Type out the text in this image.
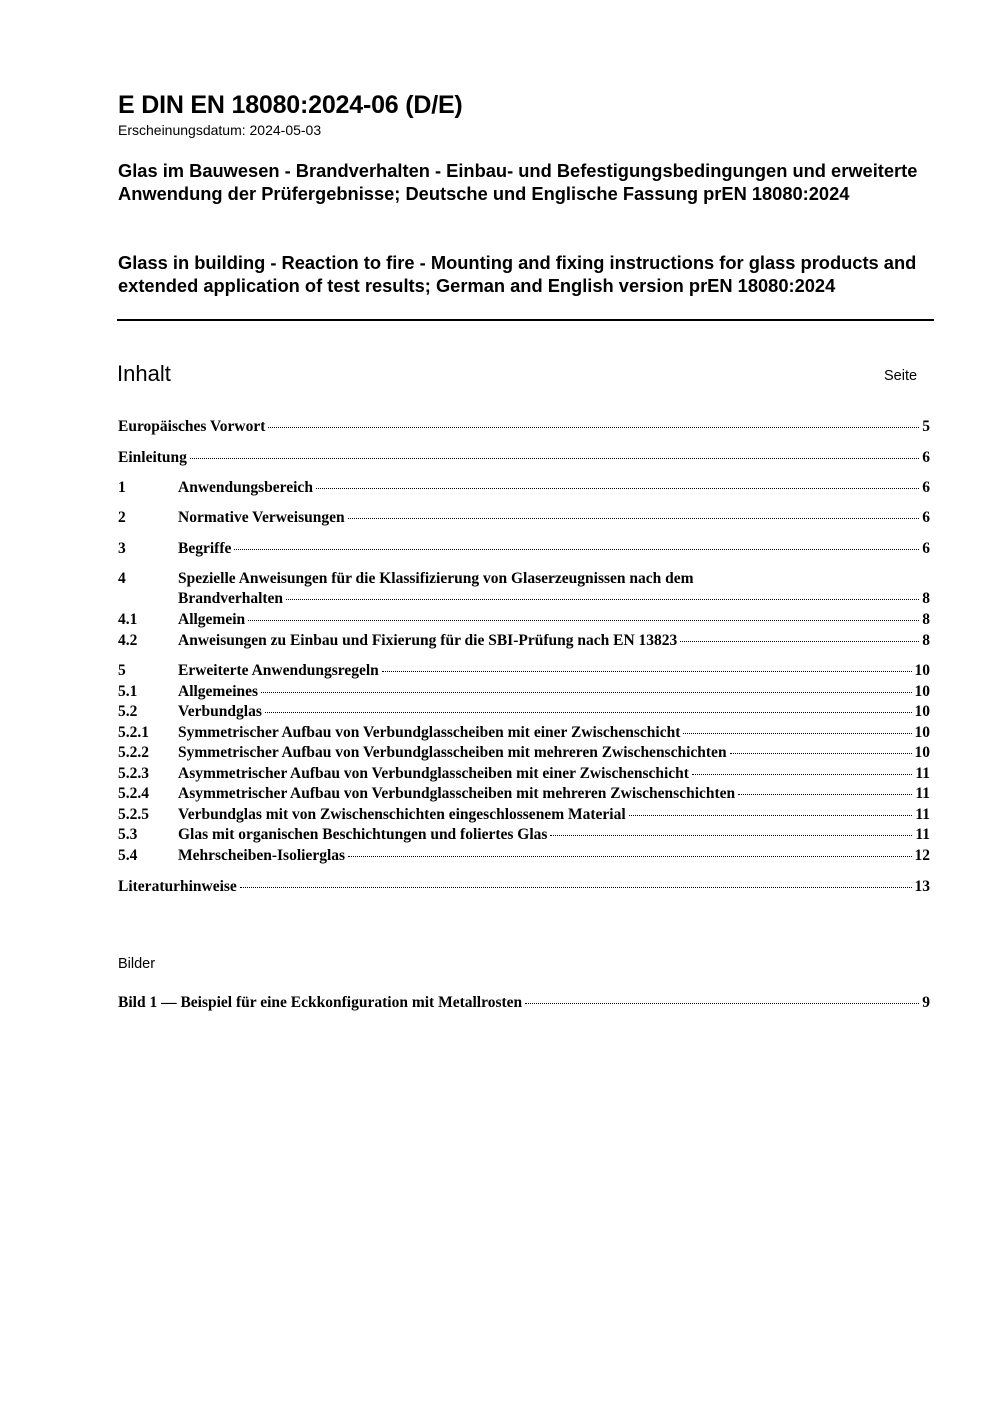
E DIN EN 18080:2024-06 (D/E)
Erscheinungsdatum: 2024-05-03
Glas im Bauwesen - Brandverhalten - Einbau- und Befestigungsbedingungen und erweiterte Anwendung der Prüfergebnisse; Deutsche und Englische Fassung prEN 18080:2024
Glass in building - Reaction to fire - Mounting and fixing instructions for glass products and extended application of test results; German and English version prEN 18080:2024
Inhalt	Seite
Europäisches Vorwort	5
Einleitung	6
1	Anwendungsbereich	6
2	Normative Verweisungen	6
3	Begriffe	6
4	Spezielle Anweisungen für die Klassifizierung von Glaserzeugnissen nach dem
Brandverhalten	8
4.1	Allgemein	8
4.2	Anweisungen zu Einbau und Fixierung für die SBI-Prüfung nach EN 13823	8
5	Erweiterte Anwendungsregeln	10
5.1	Allgemeines	10
5.2	Verbundglas	10
5.2.1	Symmetrischer Aufbau von Verbundglasscheiben mit einer Zwischenschicht	10
5.2.2	Symmetrischer Aufbau von Verbundglasscheiben mit mehreren Zwischenschichten	10
5.2.3	Asymmetrischer Aufbau von Verbundglasscheiben mit einer Zwischenschicht	11
5.2.4	Asymmetrischer Aufbau von Verbundglasscheiben mit mehreren Zwischenschichten	11
5.2.5	Verbundglas mit von Zwischenschichten eingeschlossenem Material	11
5.3	Glas mit organischen Beschichtungen und foliertes Glas	11
5.4	Mehrscheiben-Isolierglas	12
Literaturhinweise	13
Bilder
Bild 1 — Beispiel für eine Eckkonfiguration mit Metallrosten	9
